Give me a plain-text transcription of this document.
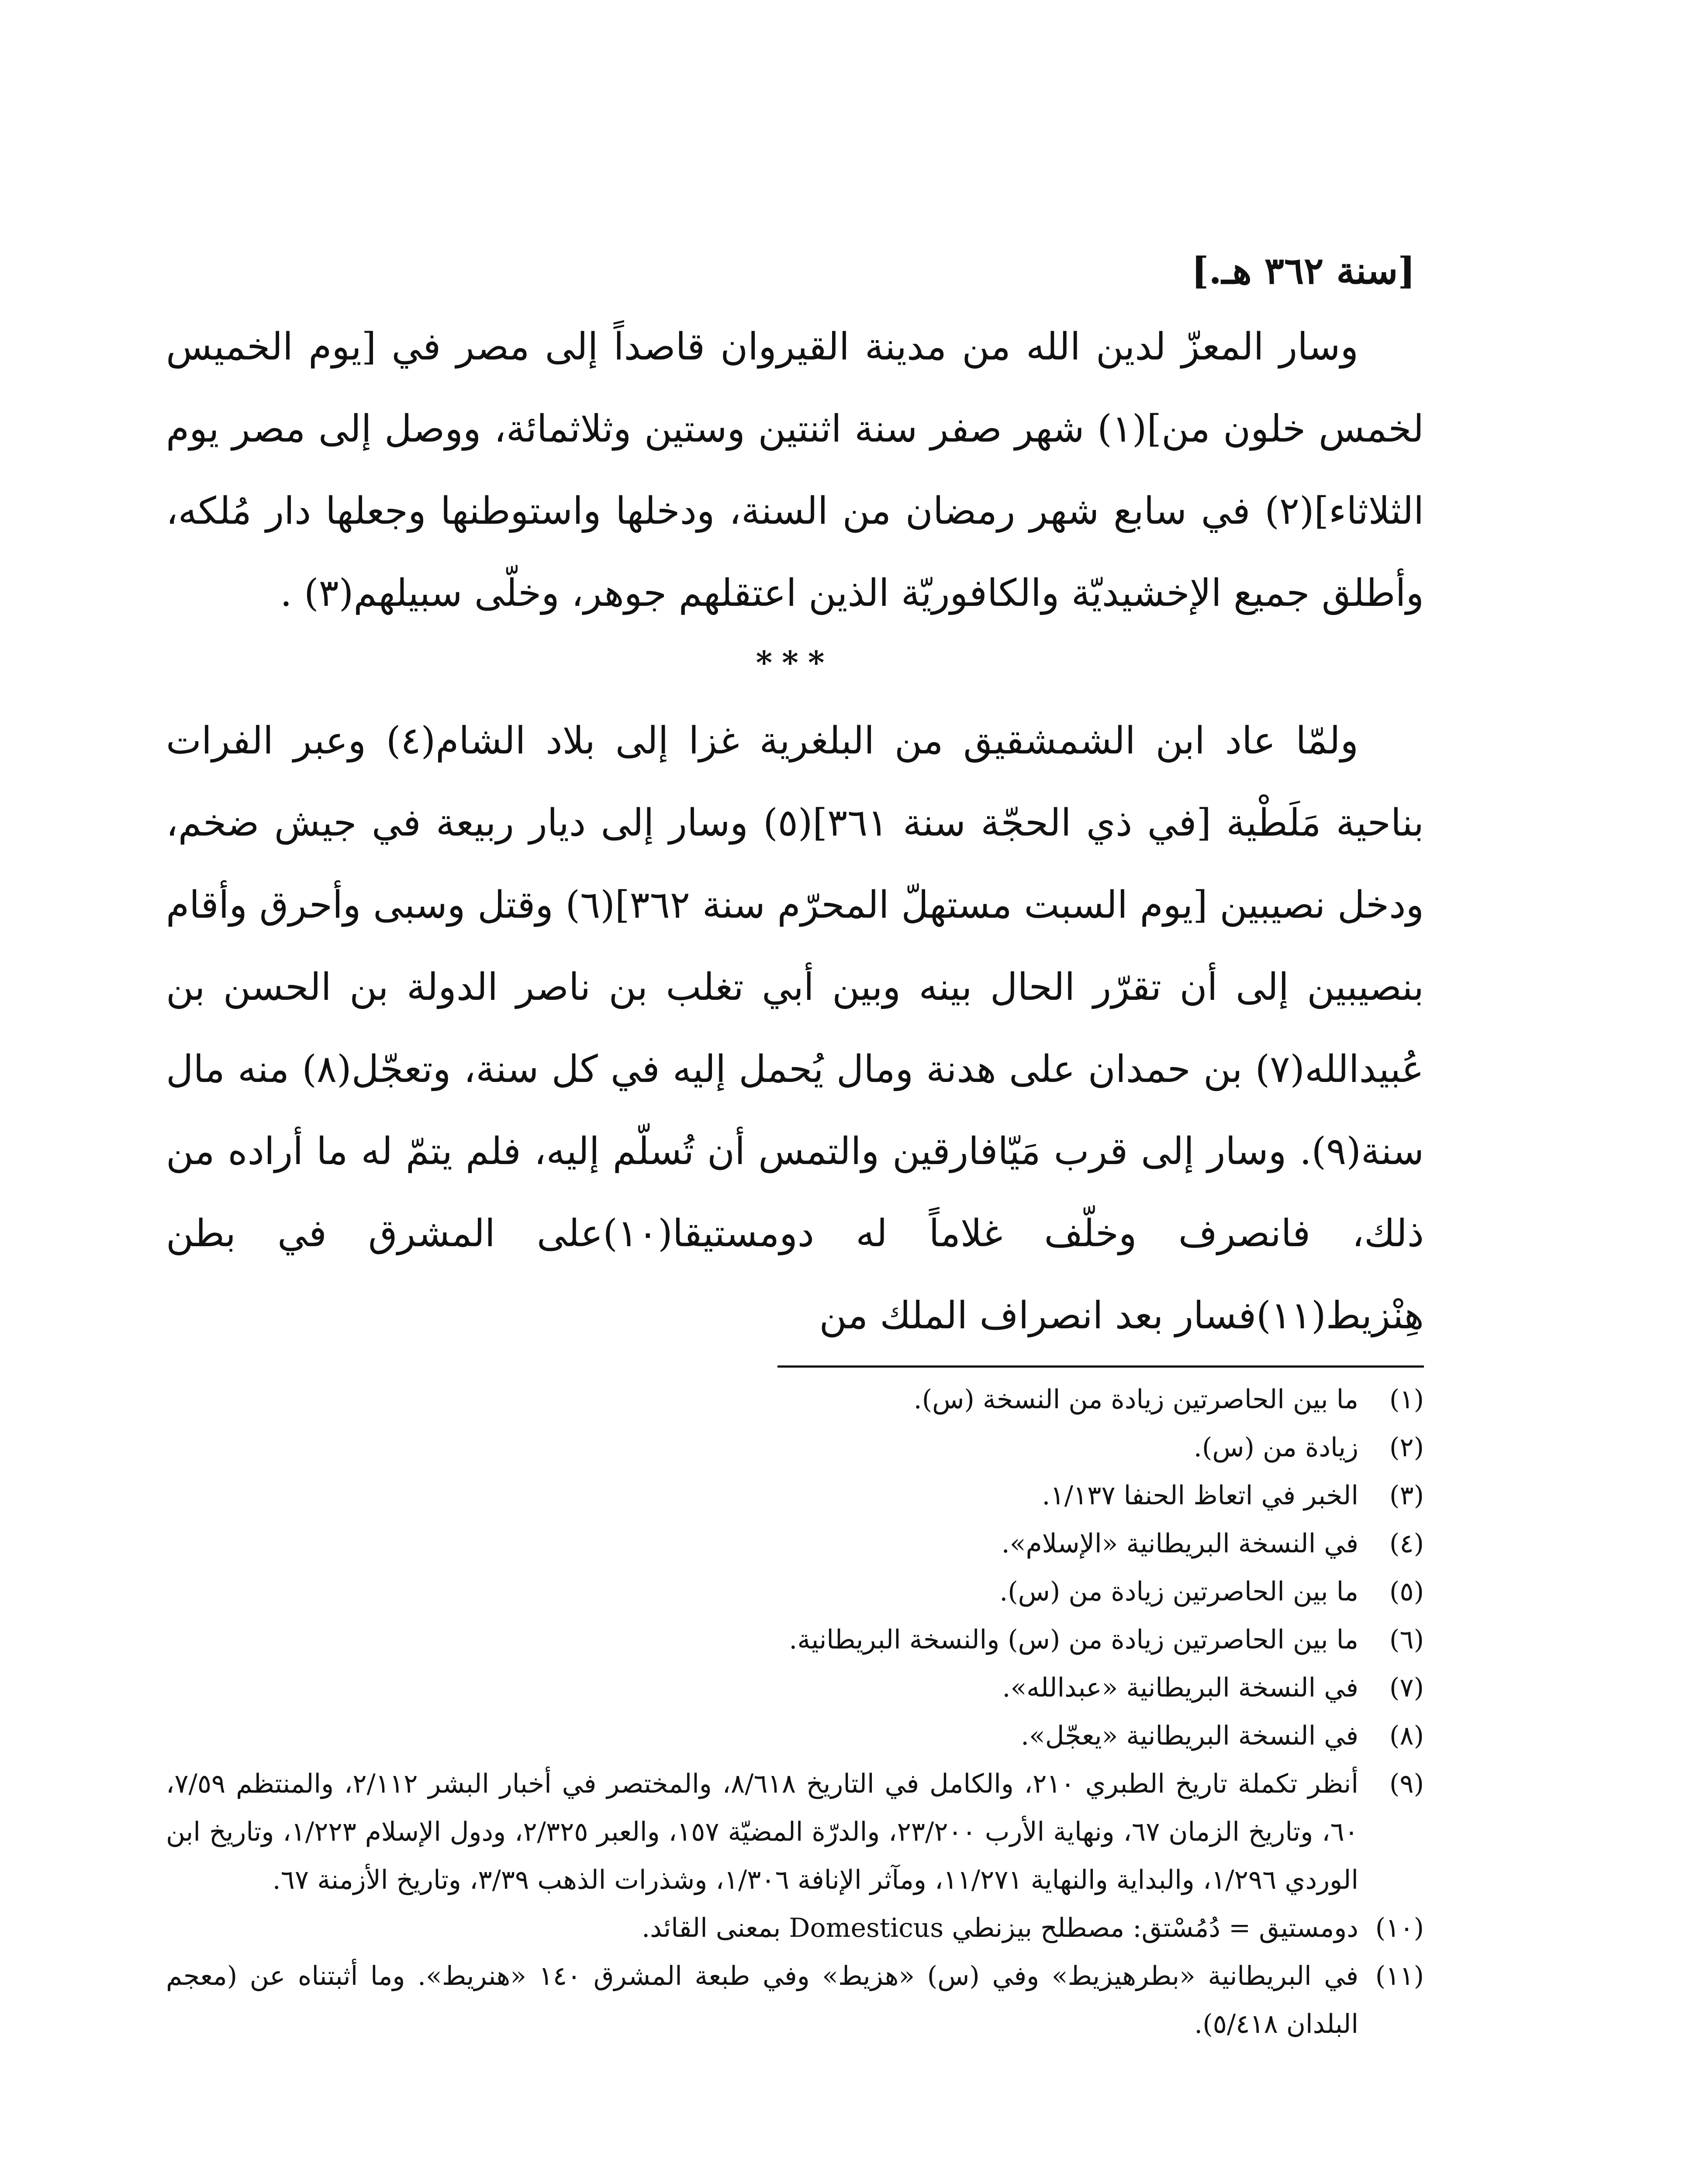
[سنة ٣٦٢ هـ.]

وسار المعزّ لدين الله من مدينة القيروان قاصداً إلى مصر في [يوم الخميس لخمس خلون من](١) شهر صفر سنة اثنتين وستين وثلاثمائة، ووصل إلى مصر يوم الثلاثاء](٢) في سابع شهر رمضان من السنة، ودخلها واستوطنها وجعلها دار مُلكه، وأطلق جميع الإخشيديّة والكافوريّة الذين اعتقلهم جوهر، وخلّى سبيلهم(٣) .

***

ولمّا عاد ابن الشمشقيق من البلغرية غزا إلى بلاد الشام(٤) وعبر الفرات بناحية مَلَطْية [في ذي الحجّة سنة ٣٦١](٥) وسار إلى ديار ربيعة في جيش ضخم، ودخل نصيبين [يوم السبت مستهلّ المحرّم سنة ٣٦٢](٦) وقتل وسبى وأحرق وأقام بنصيبين إلى أن تقرّر الحال بينه وبين أبي تغلب بن ناصر الدولة بن الحسن بن عُبيدالله(٧) بن حمدان على هدنة ومال يُحمل إليه في كل سنة، وتعجّل(٨) منه مال سنة(٩). وسار إلى قرب مَيّافارقين والتمس أن تُسلّم إليه، فلم يتمّ له ما أراده من ذلك، فانصرف وخلّف غلاماً له دومستيقا(١٠)على المشرق في بطن هِنْزيط(١١)فسار بعد انصراف الملك من

(١)
ما بين الحاصرتين زيادة من النسخة (س).
(٢)
زيادة من (س).
(٣)
الخبر في اتعاظ الحنفا ١/١٣٧.
(٤)
في النسخة البريطانية «الإسلام».
(٥)
ما بين الحاصرتين زيادة من (س).
(٦)
ما بين الحاصرتين زيادة من (س) والنسخة البريطانية.
(٧)
في النسخة البريطانية «عبدالله».
(٨)
في النسخة البريطانية «يعجّل».
(٩)
أنظر تكملة تاريخ الطبري ٢١٠، والكامل في التاريخ ٨/٦١٨، والمختصر في أخبار البشر ٢/١١٢، والمنتظم ٧/٥٩، ٦٠، وتاريخ الزمان ٦٧، ونهاية الأرب ٢٣/٢٠٠، والدرّة المضيّة ١٥٧، والعبر ٢/٣٢٥، ودول الإسلام ١/٢٢٣، وتاريخ ابن الوردي ١/٢٩٦، والبداية والنهاية ١١/٢٧١، ومآثر الإنافة ١/٣٠٦، وشذرات الذهب ٣/٣٩، وتاريخ الأزمنة ٦٧.
(١٠)
دومستيق = دُمُسْتق: مصطلح بيزنطي Domesticus بمعنى القائد.
(١١)
في البريطانية «بطرهيزيط» وفي (س) «هزيط» وفي طبعة المشرق ١٤٠ «هنريط». وما أثبتناه عن (معجم البلدان ٥/٤١٨).
